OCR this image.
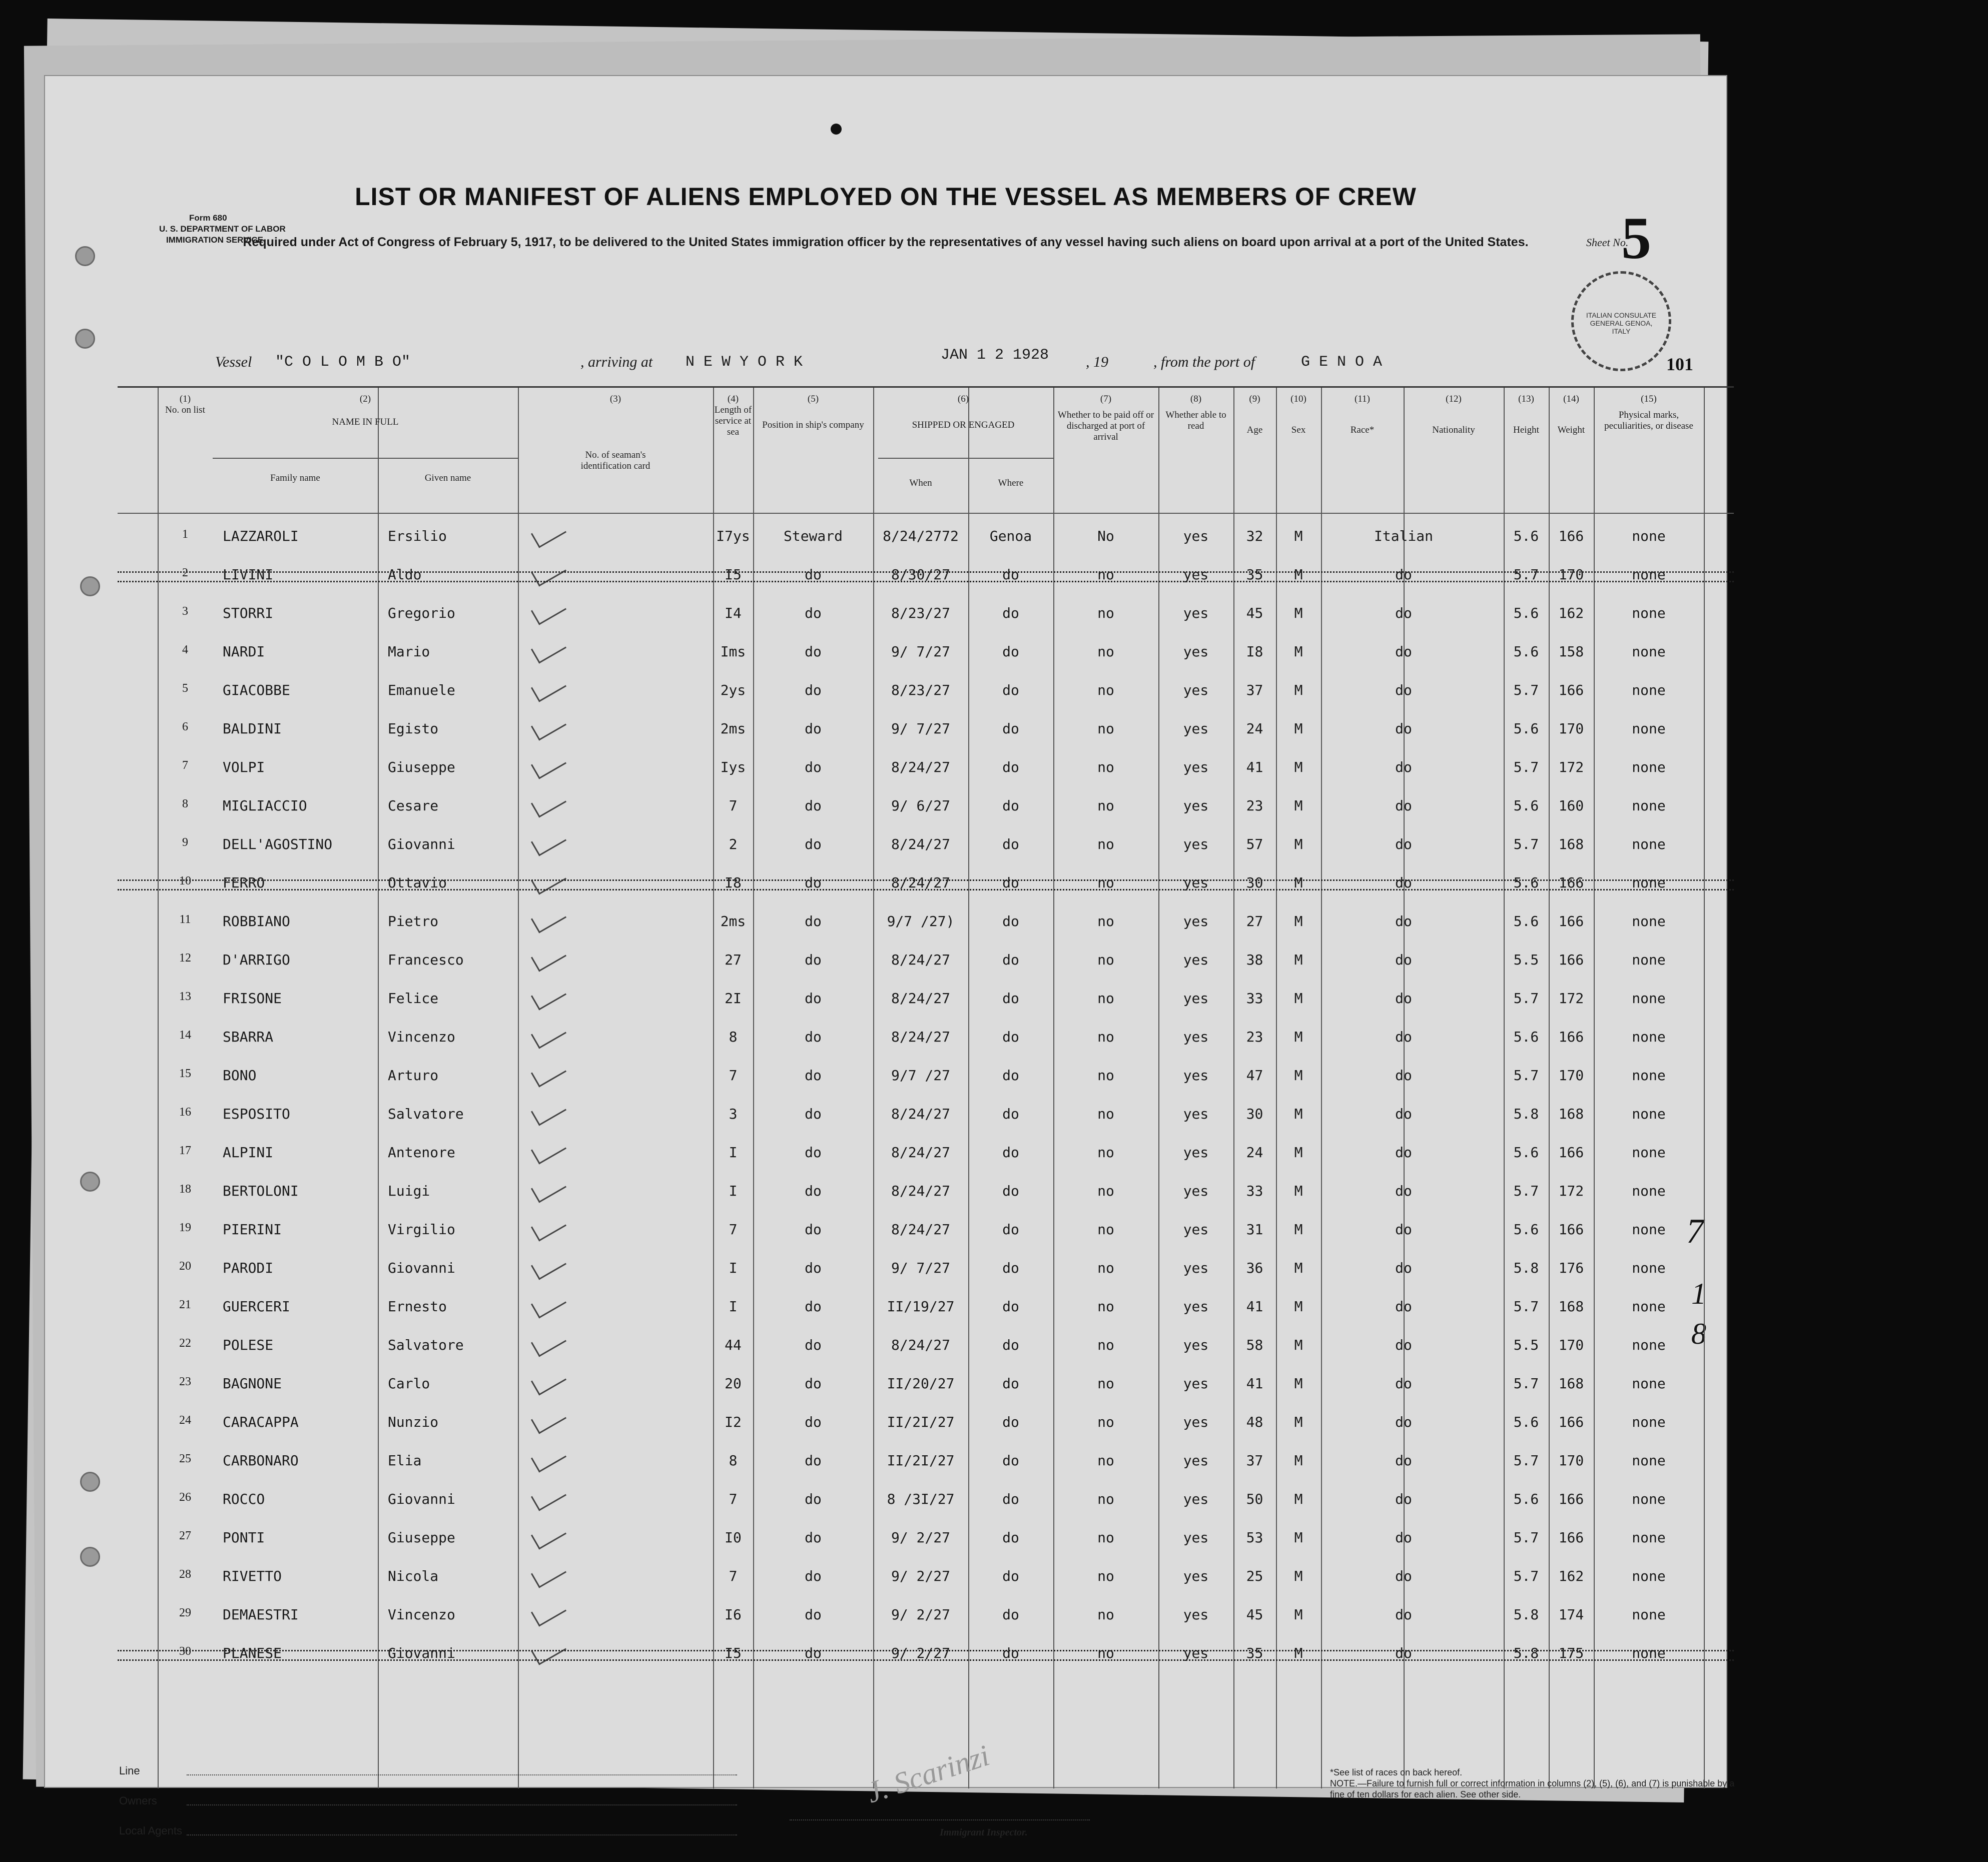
Form 680
U. S. DEPARTMENT OF LABOR
IMMIGRATION SERVICE
LIST OR MANIFEST OF ALIENS EMPLOYED ON THE VESSEL AS MEMBERS OF CREW
Required under Act of Congress of February 5, 1917, to be delivered to the United States immigration officer by the representatives of any vessel having such aliens on board upon arrival at a port of the United States.	Sheet No.
5
ITALIAN CONSULATE GENERAL GENOA, ITALY
Vessel "C O L O M B O"	, arriving at N E W Y O R K	JAN 1 2 1928 , 19	, from the port of	G E N O A	101
7
1
8
(1)
No. on list
(2)
NAME IN FULL
Family name	Given name
(3)
No. of seaman's identification card
(4)
Length of service at sea
(5)
Position in ship's company
(6)
SHIPPED OR ENGAGED
When	Where
(7)
Whether to be paid off or discharged at port of arrival
(8)
Whether able to read
(9)
Age
(10)
Sex
(11)
Race*
(12)
Nationality
(13)
Height
(14)
Weight
(15)
Physical marks, peculiarities, or disease
1	LAZZAROLI	Ersilio	I7ys	Steward	8/24/2772	Genoa	No	yes	32	M	Italian	5.6	166	none
2	LIVINI	Aldo	I5	do	8/30/27	do	no	yes	35	M	do	5.7	170	none
3	STORRI	Gregorio	I4	do	8/23/27	do	no	yes	45	M	do	5.6	162	none
4	NARDI	Mario	Ims	do	9/ 7/27	do	no	yes	I8	M	do	5.6	158	none
5	GIACOBBE	Emanuele	2ys	do	8/23/27	do	no	yes	37	M	do	5.7	166	none
6	BALDINI	Egisto	2ms	do	9/ 7/27	do	no	yes	24	M	do	5.6	170	none
7	VOLPI	Giuseppe	Iys	do	8/24/27	do	no	yes	41	M	do	5.7	172	none
8	MIGLIACCIO	Cesare	7	do	9/ 6/27	do	no	yes	23	M	do	5.6	160	none
9	DELL'AGOSTINO	Giovanni	2	do	8/24/27	do	no	yes	57	M	do	5.7	168	none
10	FERRO	Ottavio	I8	do	8/24/27	do	no	yes	30	M	do	5.6	166	none
11	ROBBIANO	Pietro	2ms	do	9/7 /27)	do	no	yes	27	M	do	5.6	166	none
12	D'ARRIGO	Francesco	27	do	8/24/27	do	no	yes	38	M	do	5.5	166	none
13	FRISONE	Felice	2I	do	8/24/27	do	no	yes	33	M	do	5.7	172	none
14	SBARRA	Vincenzo	8	do	8/24/27	do	no	yes	23	M	do	5.6	166	none
15	BONO	Arturo	7	do	9/7 /27	do	no	yes	47	M	do	5.7	170	none
16	ESPOSITO	Salvatore	3	do	8/24/27	do	no	yes	30	M	do	5.8	168	none
17	ALPINI	Antenore	I	do	8/24/27	do	no	yes	24	M	do	5.6	166	none
18	BERTOLONI	Luigi	I	do	8/24/27	do	no	yes	33	M	do	5.7	172	none
19	PIERINI	Virgilio	7	do	8/24/27	do	no	yes	31	M	do	5.6	166	none
20	PARODI	Giovanni	I	do	9/ 7/27	do	no	yes	36	M	do	5.8	176	none
21	GUERCERI	Ernesto	I	do	II/19/27	do	no	yes	41	M	do	5.7	168	none
22	POLESE	Salvatore	44	do	8/24/27	do	no	yes	58	M	do	5.5	170	none
23	BAGNONE	Carlo	20	do	II/20/27	do	no	yes	41	M	do	5.7	168	none
24	CARACAPPA	Nunzio	I2	do	II/2I/27	do	no	yes	48	M	do	5.6	166	none
25	CARBONARO	Elia	8	do	II/2I/27	do	no	yes	37	M	do	5.7	170	none
26	ROCCO	Giovanni	7	do	8 /3I/27	do	no	yes	50	M	do	5.6	166	none
27	PONTI	Giuseppe	I0	do	9/ 2/27	do	no	yes	53	M	do	5.7	166	none
28	RIVETTO	Nicola	7	do	9/ 2/27	do	no	yes	25	M	do	5.7	162	none
29	DEMAESTRI	Vincenzo	I6	do	9/ 2/27	do	no	yes	45	M	do	5.8	174	none
30	PLANESE	Giovanni	I5	do	9/ 2/27	do	no	yes	35	M	do	5.8	175	none
Line
Owners
Local Agents
J. Scarinzi
Immigrant Inspector.
*See list of races on back hereof.
NOTE.—Failure to furnish full or correct information in columns (2), (5), (6), and (7) is punishable by a fine of ten dollars for each alien. See other side.
